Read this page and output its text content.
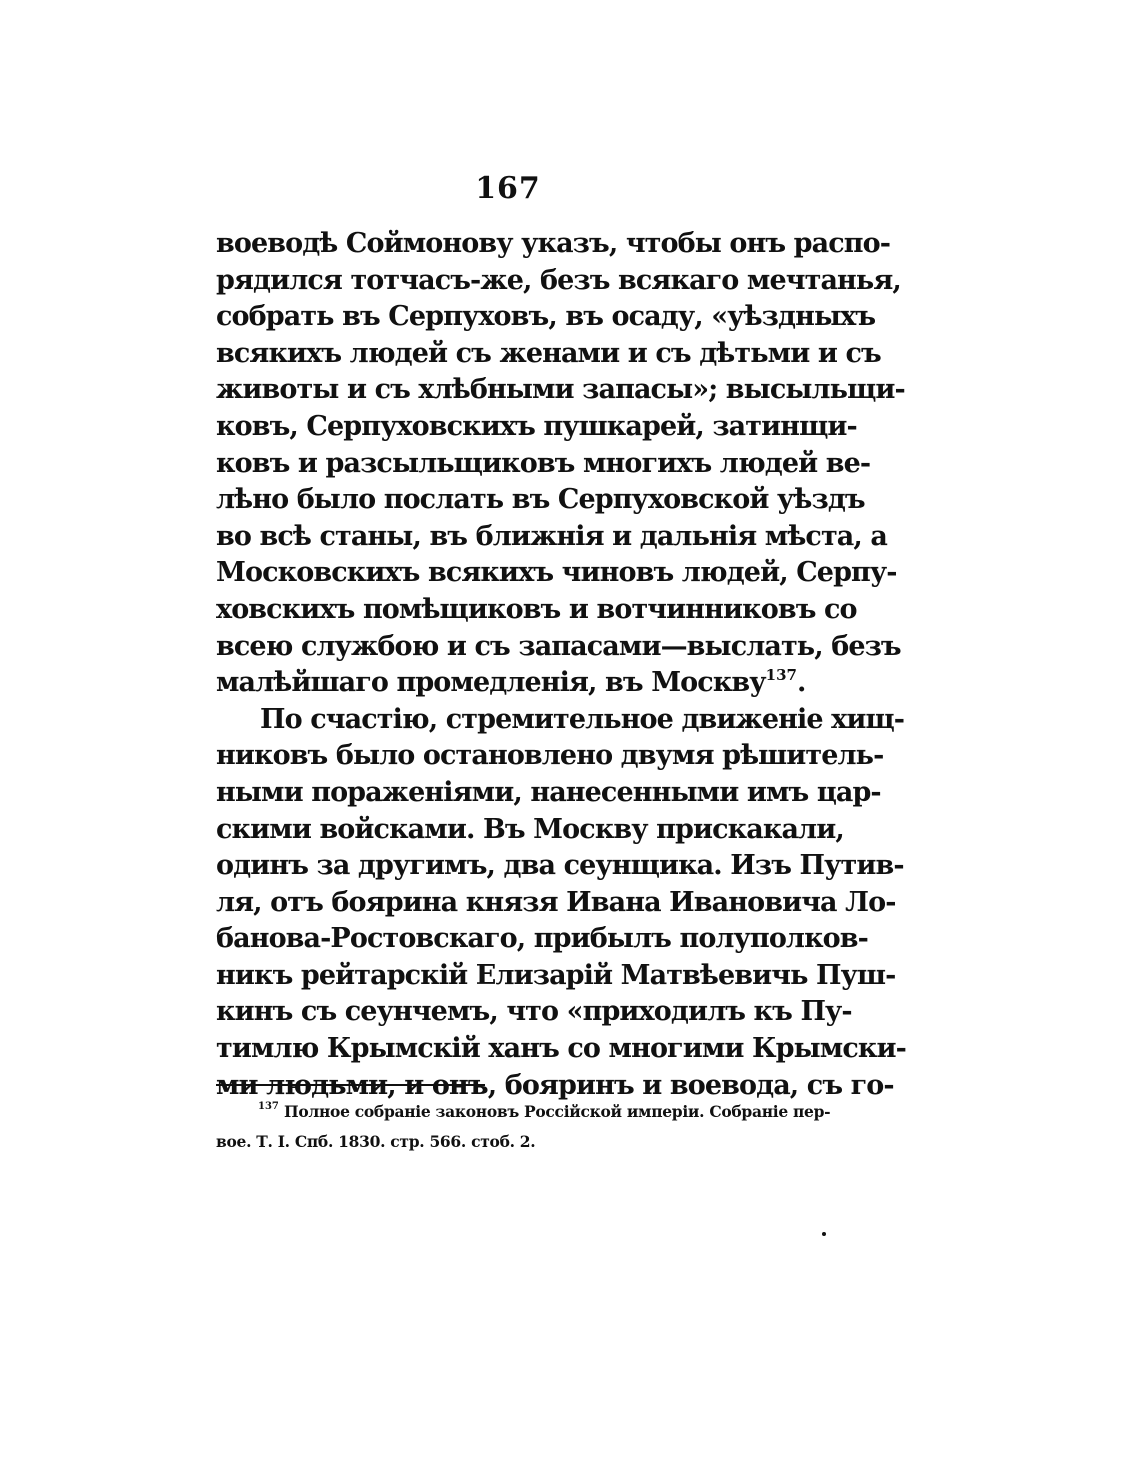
167
воеводѣ Соймонову указъ, чтобы онъ распо-
рядился тотчасъ-же, безъ всякаго мечтанья,
собрать въ Серпуховъ, въ осаду, «уѣздныхъ
всякихъ людей съ женами и съ дѣтьми и съ
животы и съ хлѣбными запасы»; высыльщи-
ковъ, Серпуховскихъ пушкарей, затинщи-
ковъ и разсыльщиковъ многихъ людей ве-
лѣно было послать въ Серпуховской уѣздъ
во всѣ станы, въ ближнія и дальнія мѣста, а
Московскихъ всякихъ чиновъ людей, Серпу-
ховскихъ помѣщиковъ и вотчинниковъ со
всею службою и съ запасами—выслать, безъ
малѣйшаго промедленія, въ Москву$^{137}$.
По счастію, стремительное движеніе хищ-
никовъ было остановлено двумя рѣшитель-
ными пораженіями, нанесенными имъ цар-
скими войсками. Въ Москву прискакали,
одинъ за другимъ, два сеунщика. Изъ Путив-
ля, отъ боярина князя Ивана Ивановича Ло-
банова-Ростовскаго, прибылъ полуполков-
никъ рейтарскій Елизарій Матвѣевичь Пуш-
кинъ съ сеунчемъ, что «приходилъ къ Пу-
тимлю Крымскій ханъ со многими Крымски-
ми людьми, и онъ, бояринъ и воевода, съ го-
$^{137}$ Полное собраніе законовъ Россійской имперіи. Собраніе пер-
вое. Т. I. Спб. 1830. стр. 566. стоб. 2.
